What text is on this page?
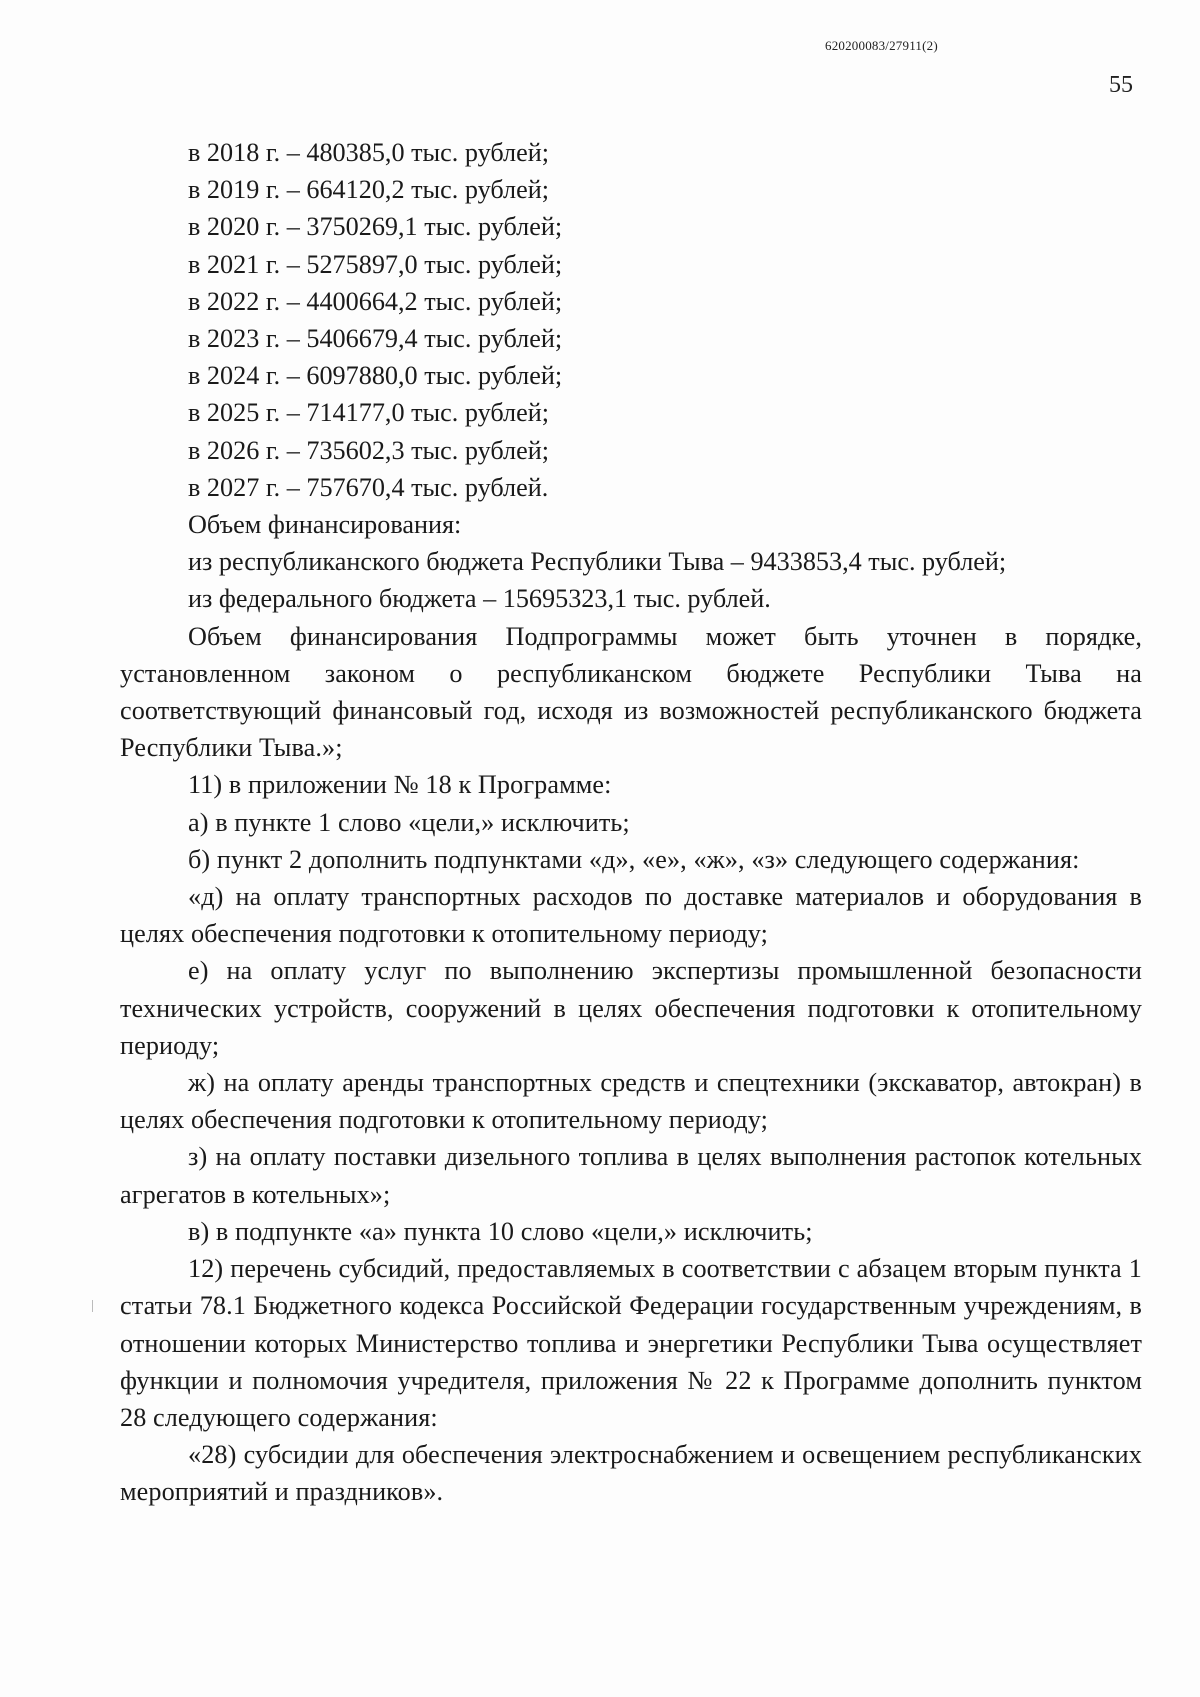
620200083/27911(2)
55

в 2018 г. – 480385,0 тыс. рублей;

в 2019 г. – 664120,2 тыс. рублей;

в 2020 г. – 3750269,1 тыс. рублей;

в 2021 г. – 5275897,0 тыс. рублей;

в 2022 г. – 4400664,2 тыс. рублей;

в 2023 г. – 5406679,4 тыс. рублей;

в 2024 г. – 6097880,0 тыс. рублей;

в 2025 г. – 714177,0 тыс. рублей;

в 2026 г. – 735602,3 тыс. рублей;

в 2027 г. – 757670,4 тыс. рублей.

Объем финансирования:

из республиканского бюджета Республики Тыва – 9433853,4 тыс. рублей;

из федерального бюджета – 15695323,1 тыс. рублей.

Объем финансирования Подпрограммы может быть уточнен в порядке, установленном законом о республиканском бюджете Республики Тыва на соответствующий финансовый год, исходя из возможностей республиканского бюджета Республики Тыва.»;

11) в приложении № 18 к Программе:

а) в пункте 1 слово «цели,» исключить;

б) пункт 2 дополнить подпунктами «д», «е», «ж», «з» следующего содержания:

«д) на оплату транспортных расходов по доставке материалов и оборудования в целях обеспечения подготовки к отопительному периоду;

е) на оплату услуг по выполнению экспертизы промышленной безопасности технических устройств, сооружений в целях обеспечения подготовки к отопительному периоду;

ж) на оплату аренды транспортных средств и спецтехники (экскаватор, автокран) в целях обеспечения подготовки к отопительному периоду;

з) на оплату поставки дизельного топлива в целях выполнения растопок котельных агрегатов в котельных»;

в) в подпункте «а» пункта 10 слово «цели,» исключить;

12) перечень субсидий, предоставляемых в соответствии с абзацем вторым пункта 1 статьи 78.1 Бюджетного кодекса Российской Федерации государственным учреждениям, в отношении которых Министерство топлива и энергетики Республики Тыва осуществляет функции и полномочия учредителя, приложения № 22 к Программе дополнить пунктом 28 следующего содержания:

«28) субсидии для обеспечения электроснабжением и освещением республиканских мероприятий и праздников».
